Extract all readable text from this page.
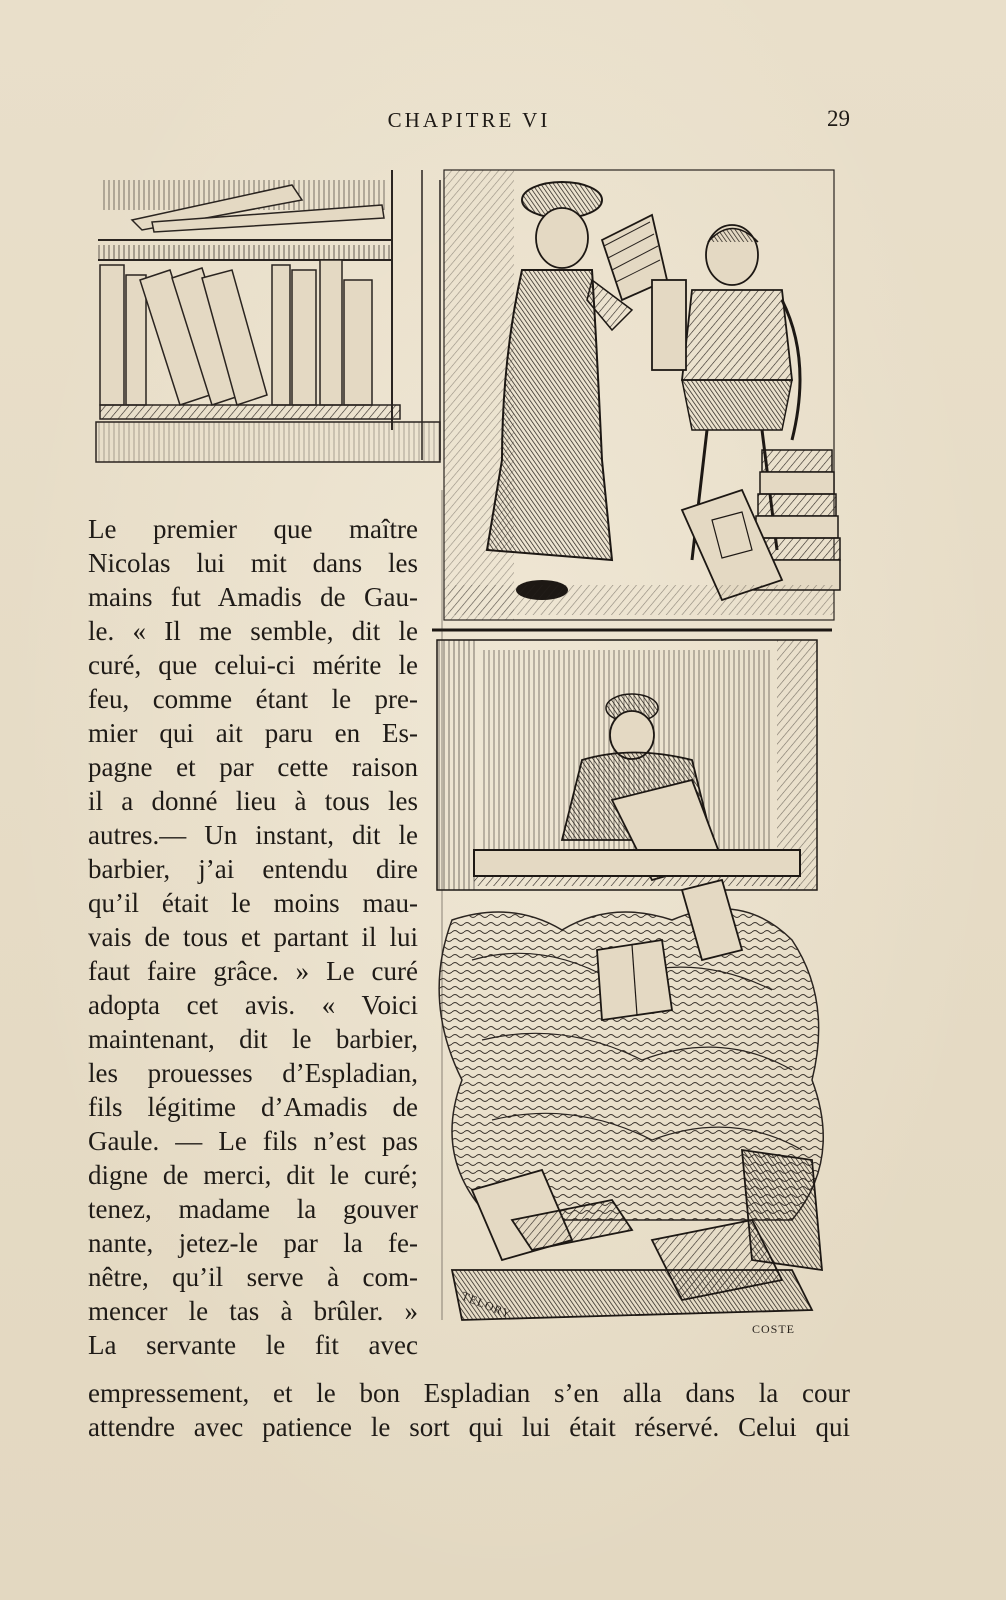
CHAPITRE VI	29
TELORY
COSTE
Le premier que maître
Nicolas lui mit dans les
mains fut Amadis de Gau-
le. « Il me semble, dit le
curé, que celui-ci mérite le
feu, comme étant le pre-
mier qui ait paru en Es-
pagne et par cette raison
il a donné lieu à tous les
autres.— Un instant, dit le
barbier, j’ai entendu dire
qu’il était le moins mau-
vais de tous et partant il lui
faut faire grâce. » Le curé
adopta cet avis. « Voici
maintenant, dit le barbier,
les prouesses d’Espladian,
fils légitime d’Amadis de
Gaule. — Le fils n’est pas
digne de merci, dit le curé;
tenez, madame la gouver
nante, jetez-le par la fe-
nêtre, qu’il serve à com-
mencer le tas à brûler. »
La servante le fit avec
empressement, et le bon Espladian s’en alla dans la cour
attendre avec patience le sort qui lui était réservé. Celui qui
